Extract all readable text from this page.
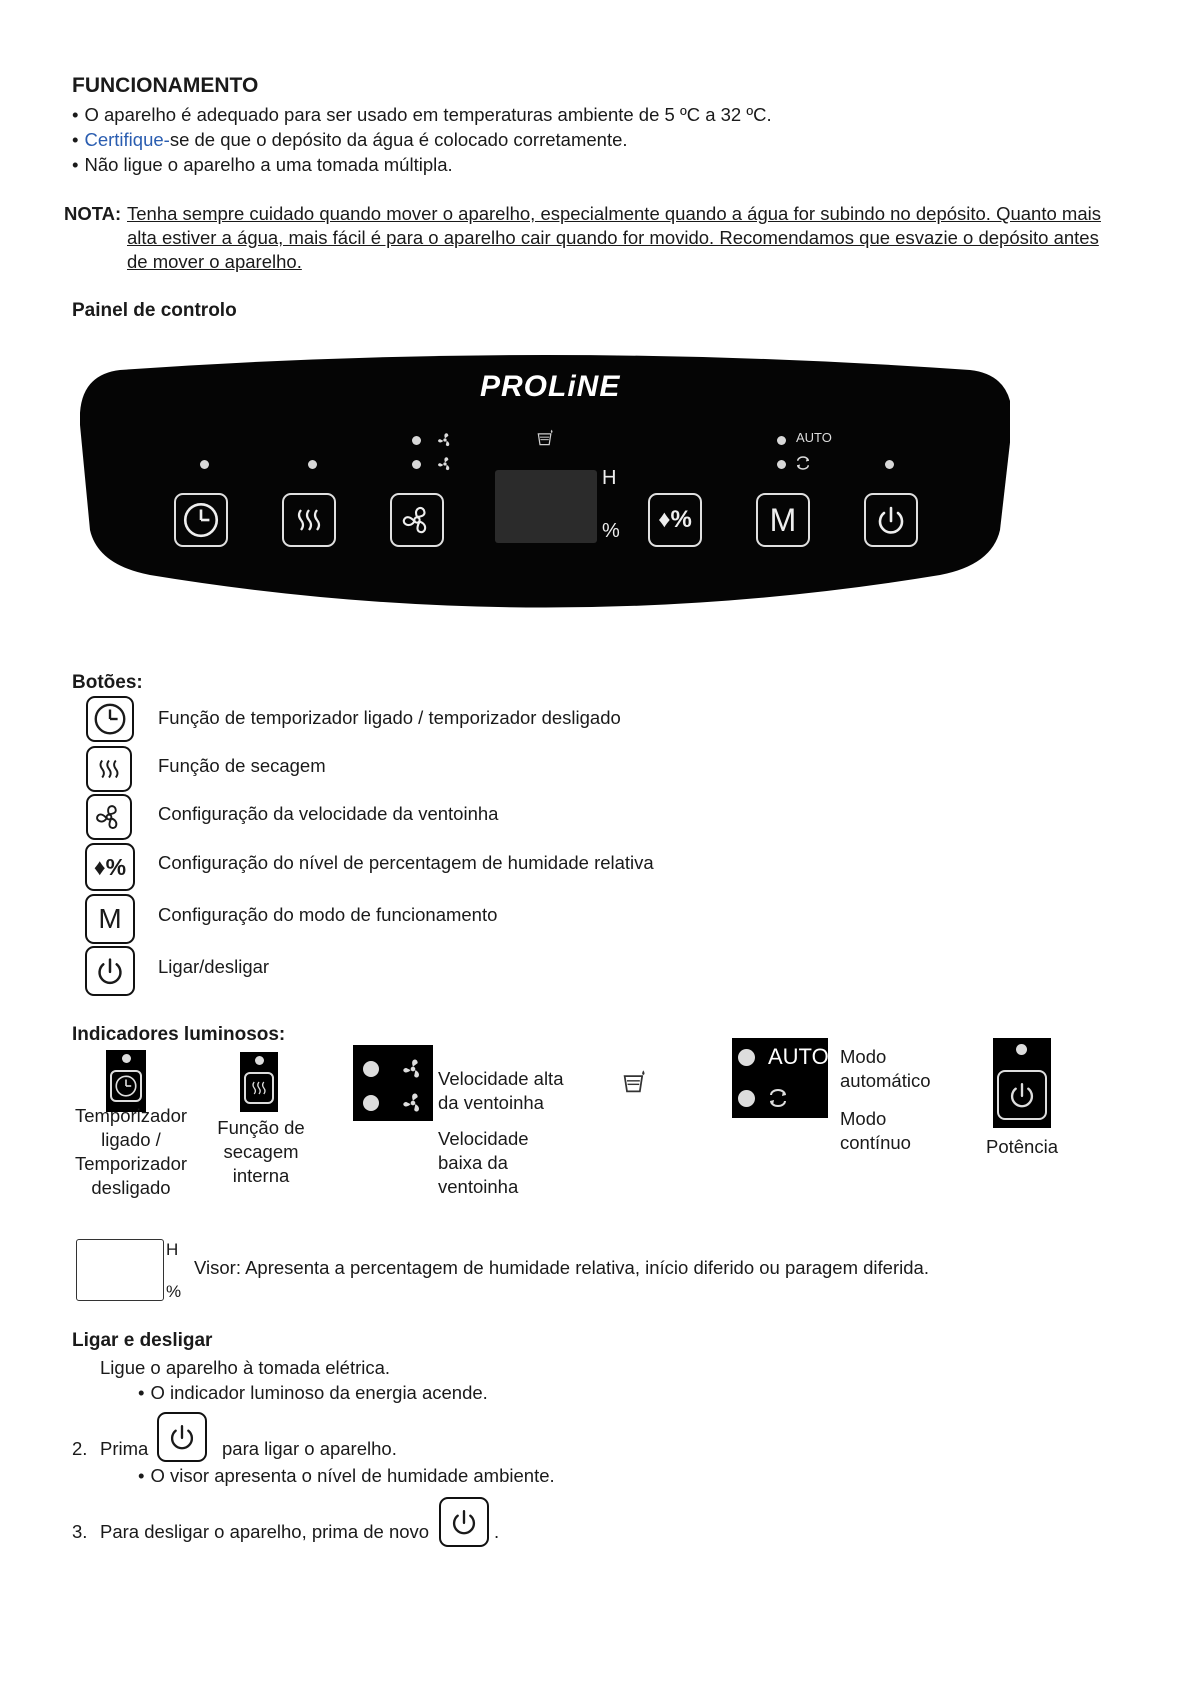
FUNCIONAMENTO
• O aparelho é adequado para ser usado em temperaturas ambiente de 5 ºC a 32 ºC.
• Certifique-se de que o depósito da água é colocado corretamente.
• Não ligue o aparelho a uma tomada múltipla.
NOTA: Tenha sempre cuidado quando mover o aparelho, especialmente quando a água for subindo no depósito. Quanto mais
alta estiver a água, mais fácil é para o aparelho cair quando for movido. Recomendamos que esvazie o depósito antes
de mover o aparelho.
Painel de controlo
PROLiNE
AUTO
H
% ♦% M
Botões:
Função de temporizador ligado / temporizador desligado
Função de secagem
Configuração da velocidade da ventoinha
♦% Configuração do nível de percentagem de humidade relativa
M Configuração do modo de funcionamento
Ligar/desligar
Indicadores luminosos:
Temporizador
ligado /
Temporizador
desligado
Função de
secagem
interna
Velocidade alta
da ventoinha
Velocidade
baixa da
ventoinha
AUTO Modo
automático
Modo
contínuo	Potência
H
%
Visor: Apresenta a percentagem de humidade relativa, início diferido ou paragem diferida.
Ligar e desligar
Ligue o aparelho à tomada elétrica.
• O indicador luminoso da energia acende.
2. Prima	para ligar o aparelho.
• O visor apresenta o nível de humidade ambiente.
3. Para desligar o aparelho, prima de novo	.
